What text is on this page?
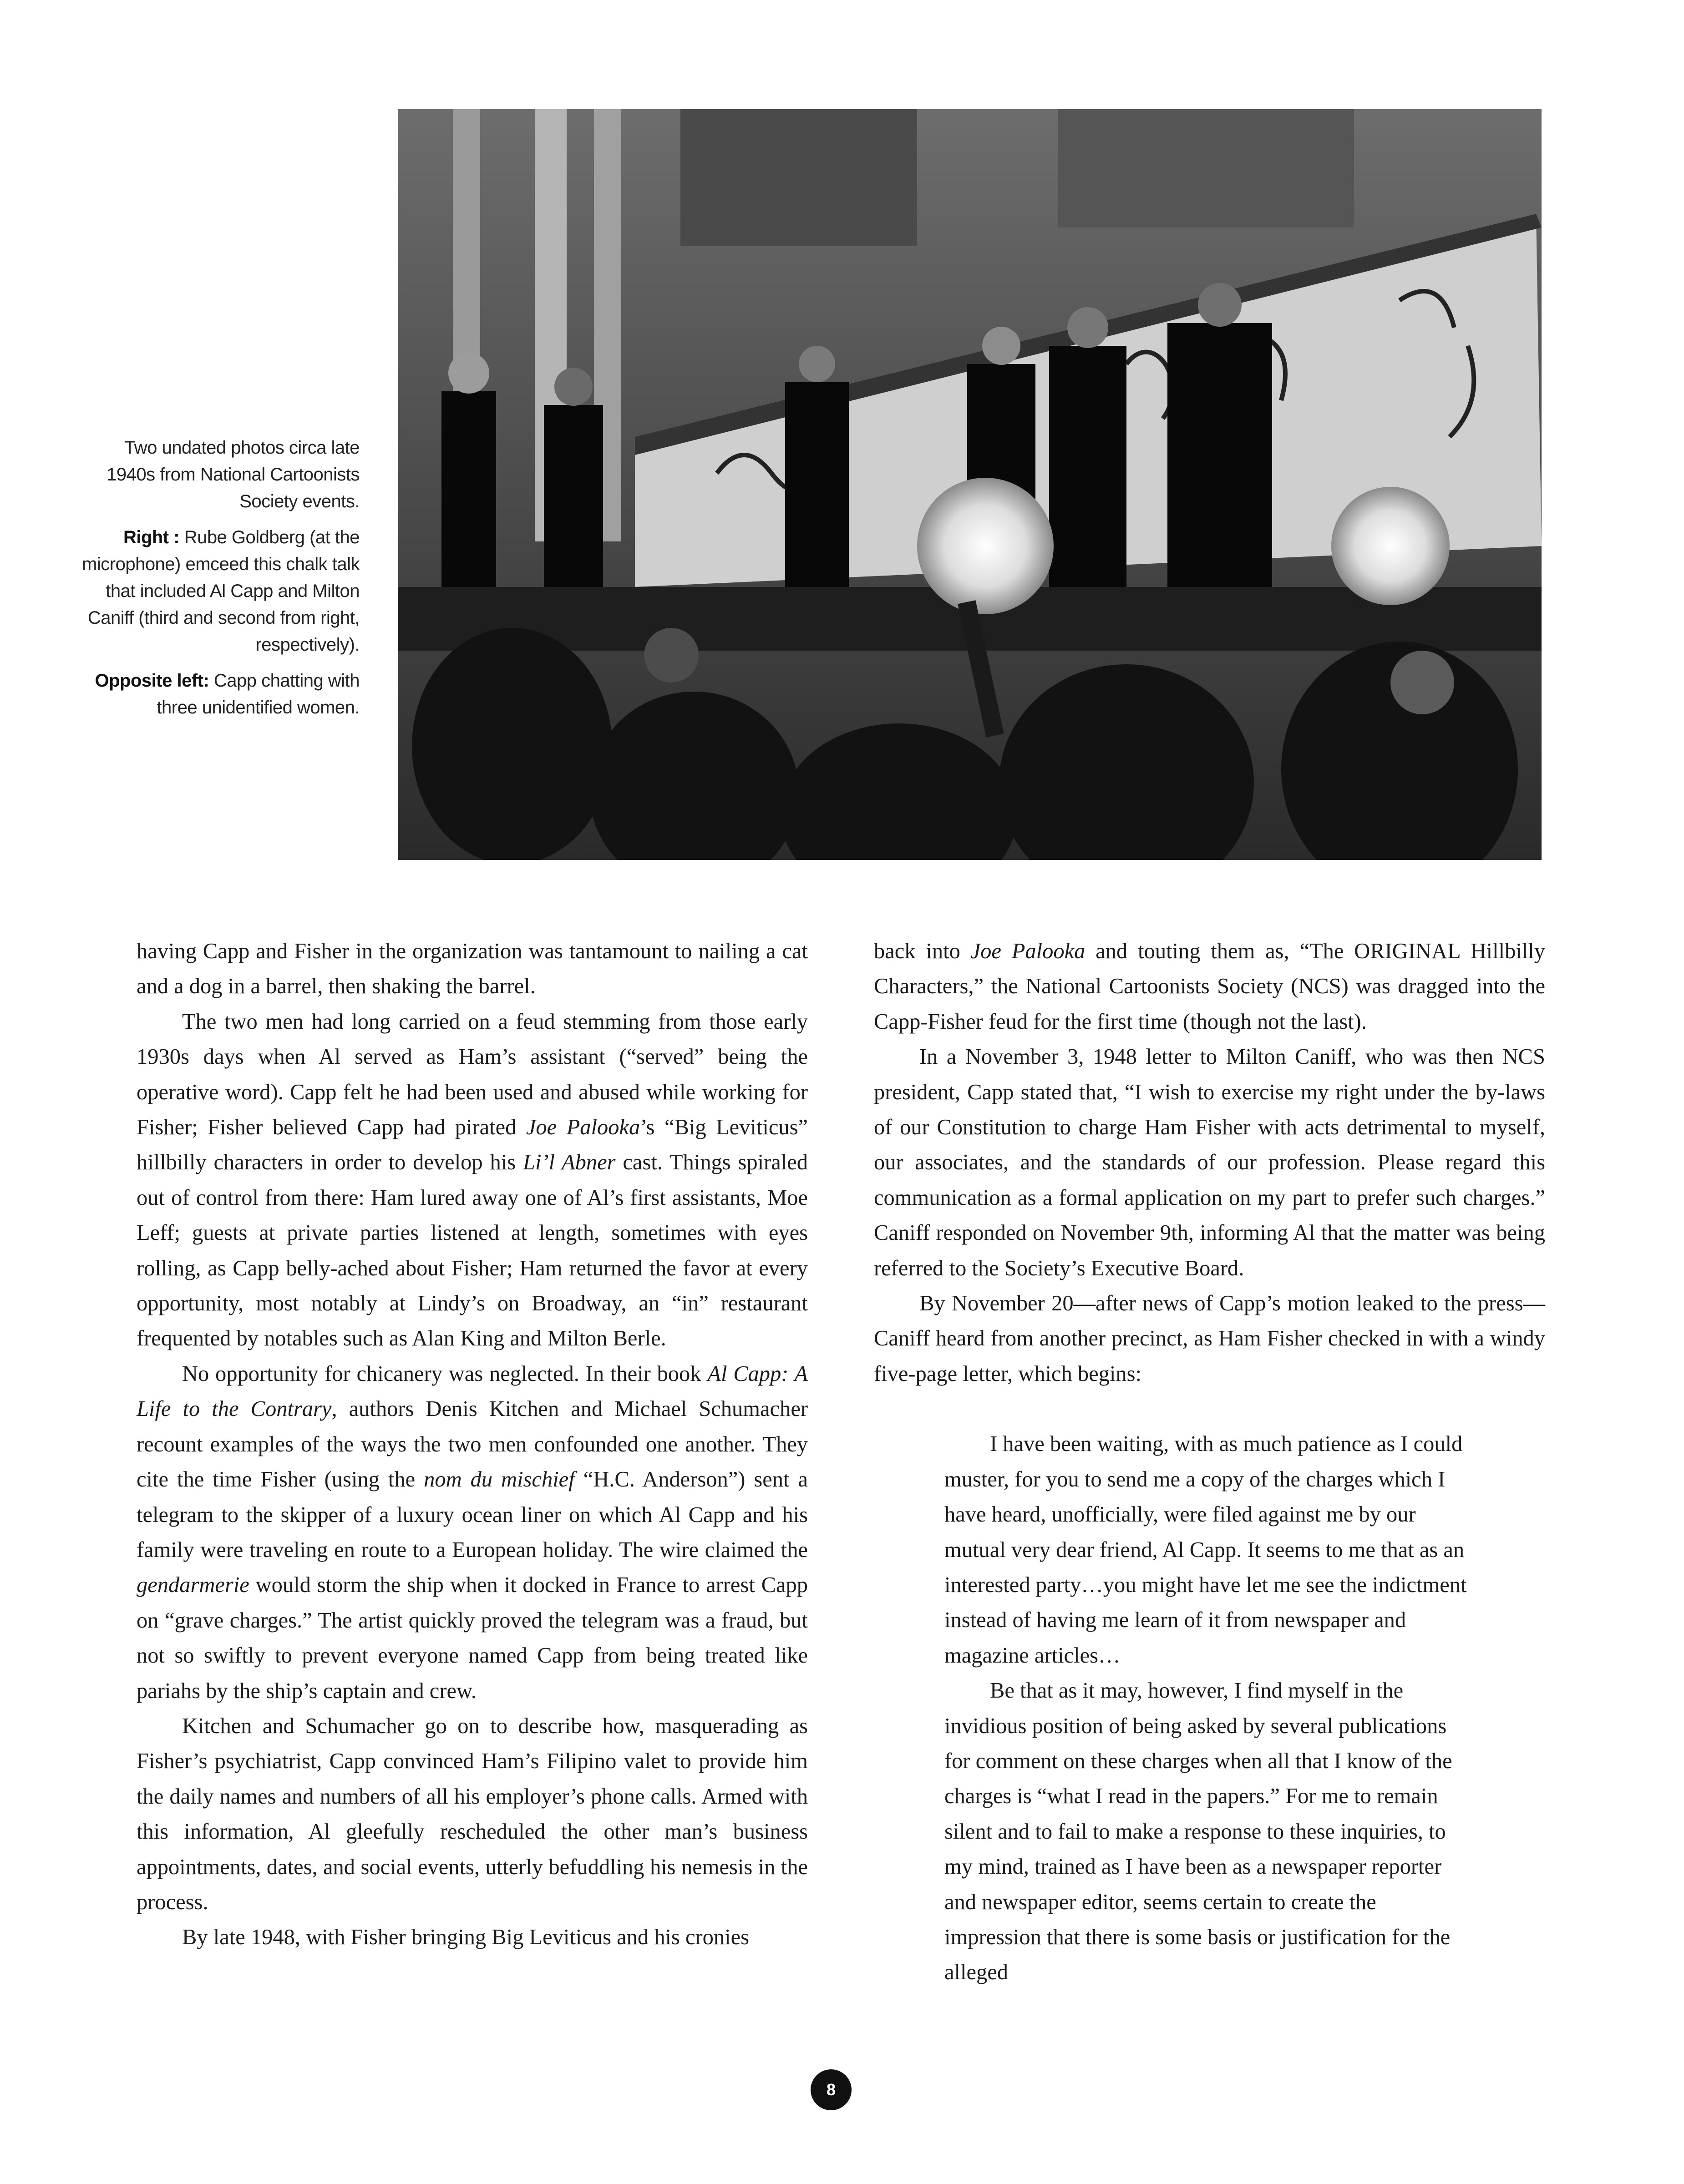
Two undated photos circa late 1940s from National Cartoonists Society events.

Right : Rube Goldberg (at the microphone) emceed this chalk talk that included Al Capp and Milton Caniff (third and second from right, respectively).

Opposite left: Capp chatting with three unidentified women.

having Capp and Fisher in the organization was tantamount to nailing a cat and a dog in a barrel, then shaking the barrel.

The two men had long carried on a feud stemming from those early 1930s days when Al served as Ham’s assistant (“served” being the operative word). Capp felt he had been used and abused while working for Fisher; Fisher believed Capp had pirated Joe Palooka’s “Big Leviticus” hillbilly characters in order to develop his Li’l Abner cast. Things spiraled out of control from there: Ham lured away one of Al’s first assistants, Moe Leff; guests at private parties listened at length, sometimes with eyes rolling, as Capp belly-ached about Fisher; Ham returned the favor at every opportunity, most notably at Lindy’s on Broadway, an “in” restaurant frequented by notables such as Alan King and Milton Berle.

No opportunity for chicanery was neglected. In their book Al Capp: A Life to the Contrary, authors Denis Kitchen and Michael Schumacher recount examples of the ways the two men confounded one another. They cite the time Fisher (using the nom du mischief “H.C. Anderson”) sent a telegram to the skipper of a luxury ocean liner on which Al Capp and his family were traveling en route to a European holiday. The wire claimed the gendarmerie would storm the ship when it docked in France to arrest Capp on “grave charges.” The artist quickly proved the telegram was a fraud, but not so swiftly to prevent everyone named Capp from being treated like pariahs by the ship’s captain and crew.

Kitchen and Schumacher go on to describe how, masquerading as Fisher’s psychiatrist, Capp convinced Ham’s Filipino valet to provide him the daily names and numbers of all his employer’s phone calls. Armed with this information, Al gleefully rescheduled the other man’s business appointments, dates, and social events, utterly befuddling his nemesis in the process.

By late 1948, with Fisher bringing Big Leviticus and his cronies

back into Joe Palooka and touting them as, “The ORIGINAL Hillbilly Characters,” the National Cartoonists Society (NCS) was dragged into the Capp-Fisher feud for the first time (though not the last).

In a November 3, 1948 letter to Milton Caniff, who was then NCS president, Capp stated that, “I wish to exercise my right under the by-laws of our Constitution to charge Ham Fisher with acts detrimental to myself, our associates, and the standards of our profession. Please regard this communication as a formal application on my part to prefer such charges.” Caniff responded on November 9th, informing Al that the matter was being referred to the Society’s Executive Board.

By November 20—after news of Capp’s motion leaked to the press—Caniff heard from another precinct, as Ham Fisher checked in with a windy five-page letter, which begins:

I have been waiting, with as much patience as I could muster, for you to send me a copy of the charges which I have heard, unofficially, were filed against me by our mutual very dear friend, Al Capp. It seems to me that as an interested party…you might have let me see the indictment instead of having me learn of it from newspaper and magazine articles…

Be that as it may, however, I find myself in the invidious position of being asked by several publications for comment on these charges when all that I know of the charges is “what I read in the papers.” For me to remain silent and to fail to make a response to these inquiries, to my mind, trained as I have been as a newspaper reporter and newspaper editor, seems certain to create the impression that there is some basis or justification for the alleged

8
